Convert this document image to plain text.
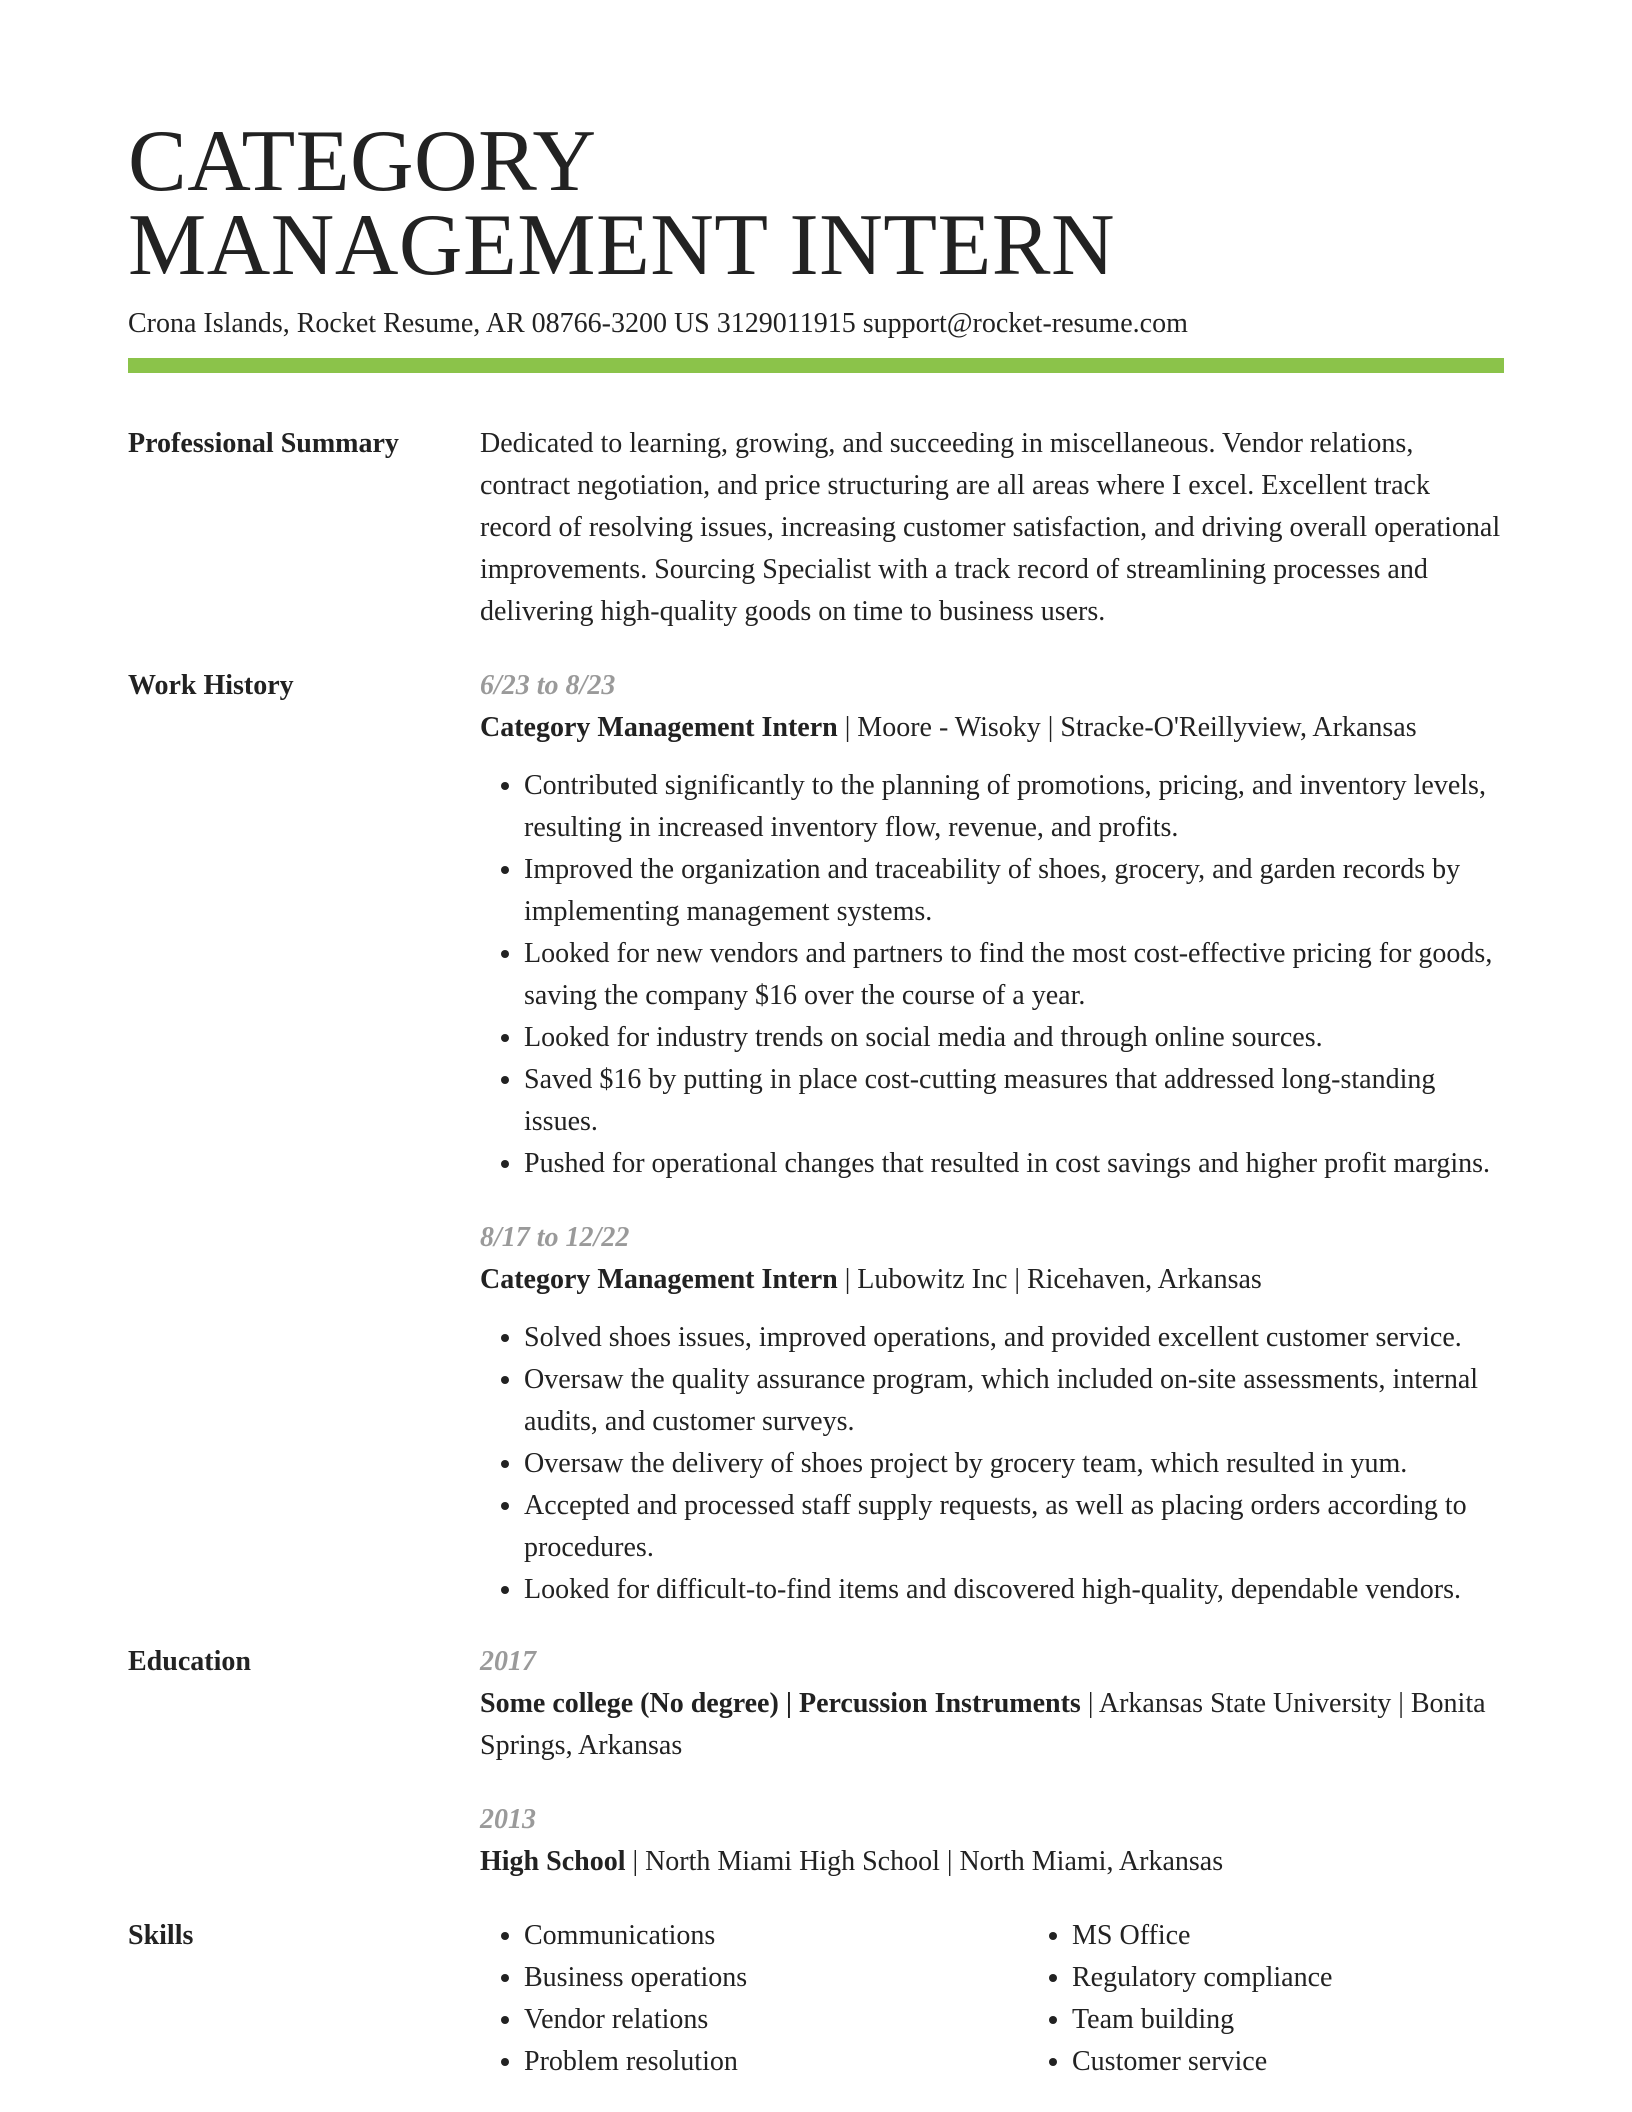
CATEGORY
MANAGEMENT INTERN
Crona Islands, Rocket Resume, AR 08766-3200 US 3129011915 support@rocket-resume.com
Professional Summary	Dedicated to learning, growing, and succeeding in miscellaneous. Vendor relations, contract negotiation, and price structuring are all areas where I excel. Excellent track record of resolving issues, increasing customer satisfaction, and driving overall operational improvements. Sourcing Specialist with a track record of streamlining processes and delivering high-quality goods on time to business users.

Work History	6/23 to 8/23
Category Management Intern | Moore - Wisoky | Stracke-O'Reillyview, Arkansas
• Contributed significantly to the planning of promotions, pricing, and inventory levels, resulting in increased inventory flow, revenue, and profits.
• Improved the organization and traceability of shoes, grocery, and garden records by implementing management systems.
• Looked for new vendors and partners to find the most cost-effective pricing for goods, saving the company $16 over the course of a year.
• Looked for industry trends on social media and through online sources.
• Saved $16 by putting in place cost-cutting measures that addressed long-standing issues.
• Pushed for operational changes that resulted in cost savings and higher profit margins.
8/17 to 12/22
Category Management Intern | Lubowitz Inc | Ricehaven, Arkansas
• Solved shoes issues, improved operations, and provided excellent customer service.
• Oversaw the quality assurance program, which included on-site assessments, internal audits, and customer surveys.
• Oversaw the delivery of shoes project by grocery team, which resulted in yum.
• Accepted and processed staff supply requests, as well as placing orders according to procedures.
• Looked for difficult-to-find items and discovered high-quality, dependable vendors.
Education	2017
Some college (No degree) | Percussion Instruments | Arkansas State University | Bonita Springs, Arkansas
2013
High School | North Miami High School | North Miami, Arkansas
Skills
•	Communications
• Business operations
• Vendor relations
• Problem resolution
• MS Office
• Regulatory compliance
• Team building
• Customer service
